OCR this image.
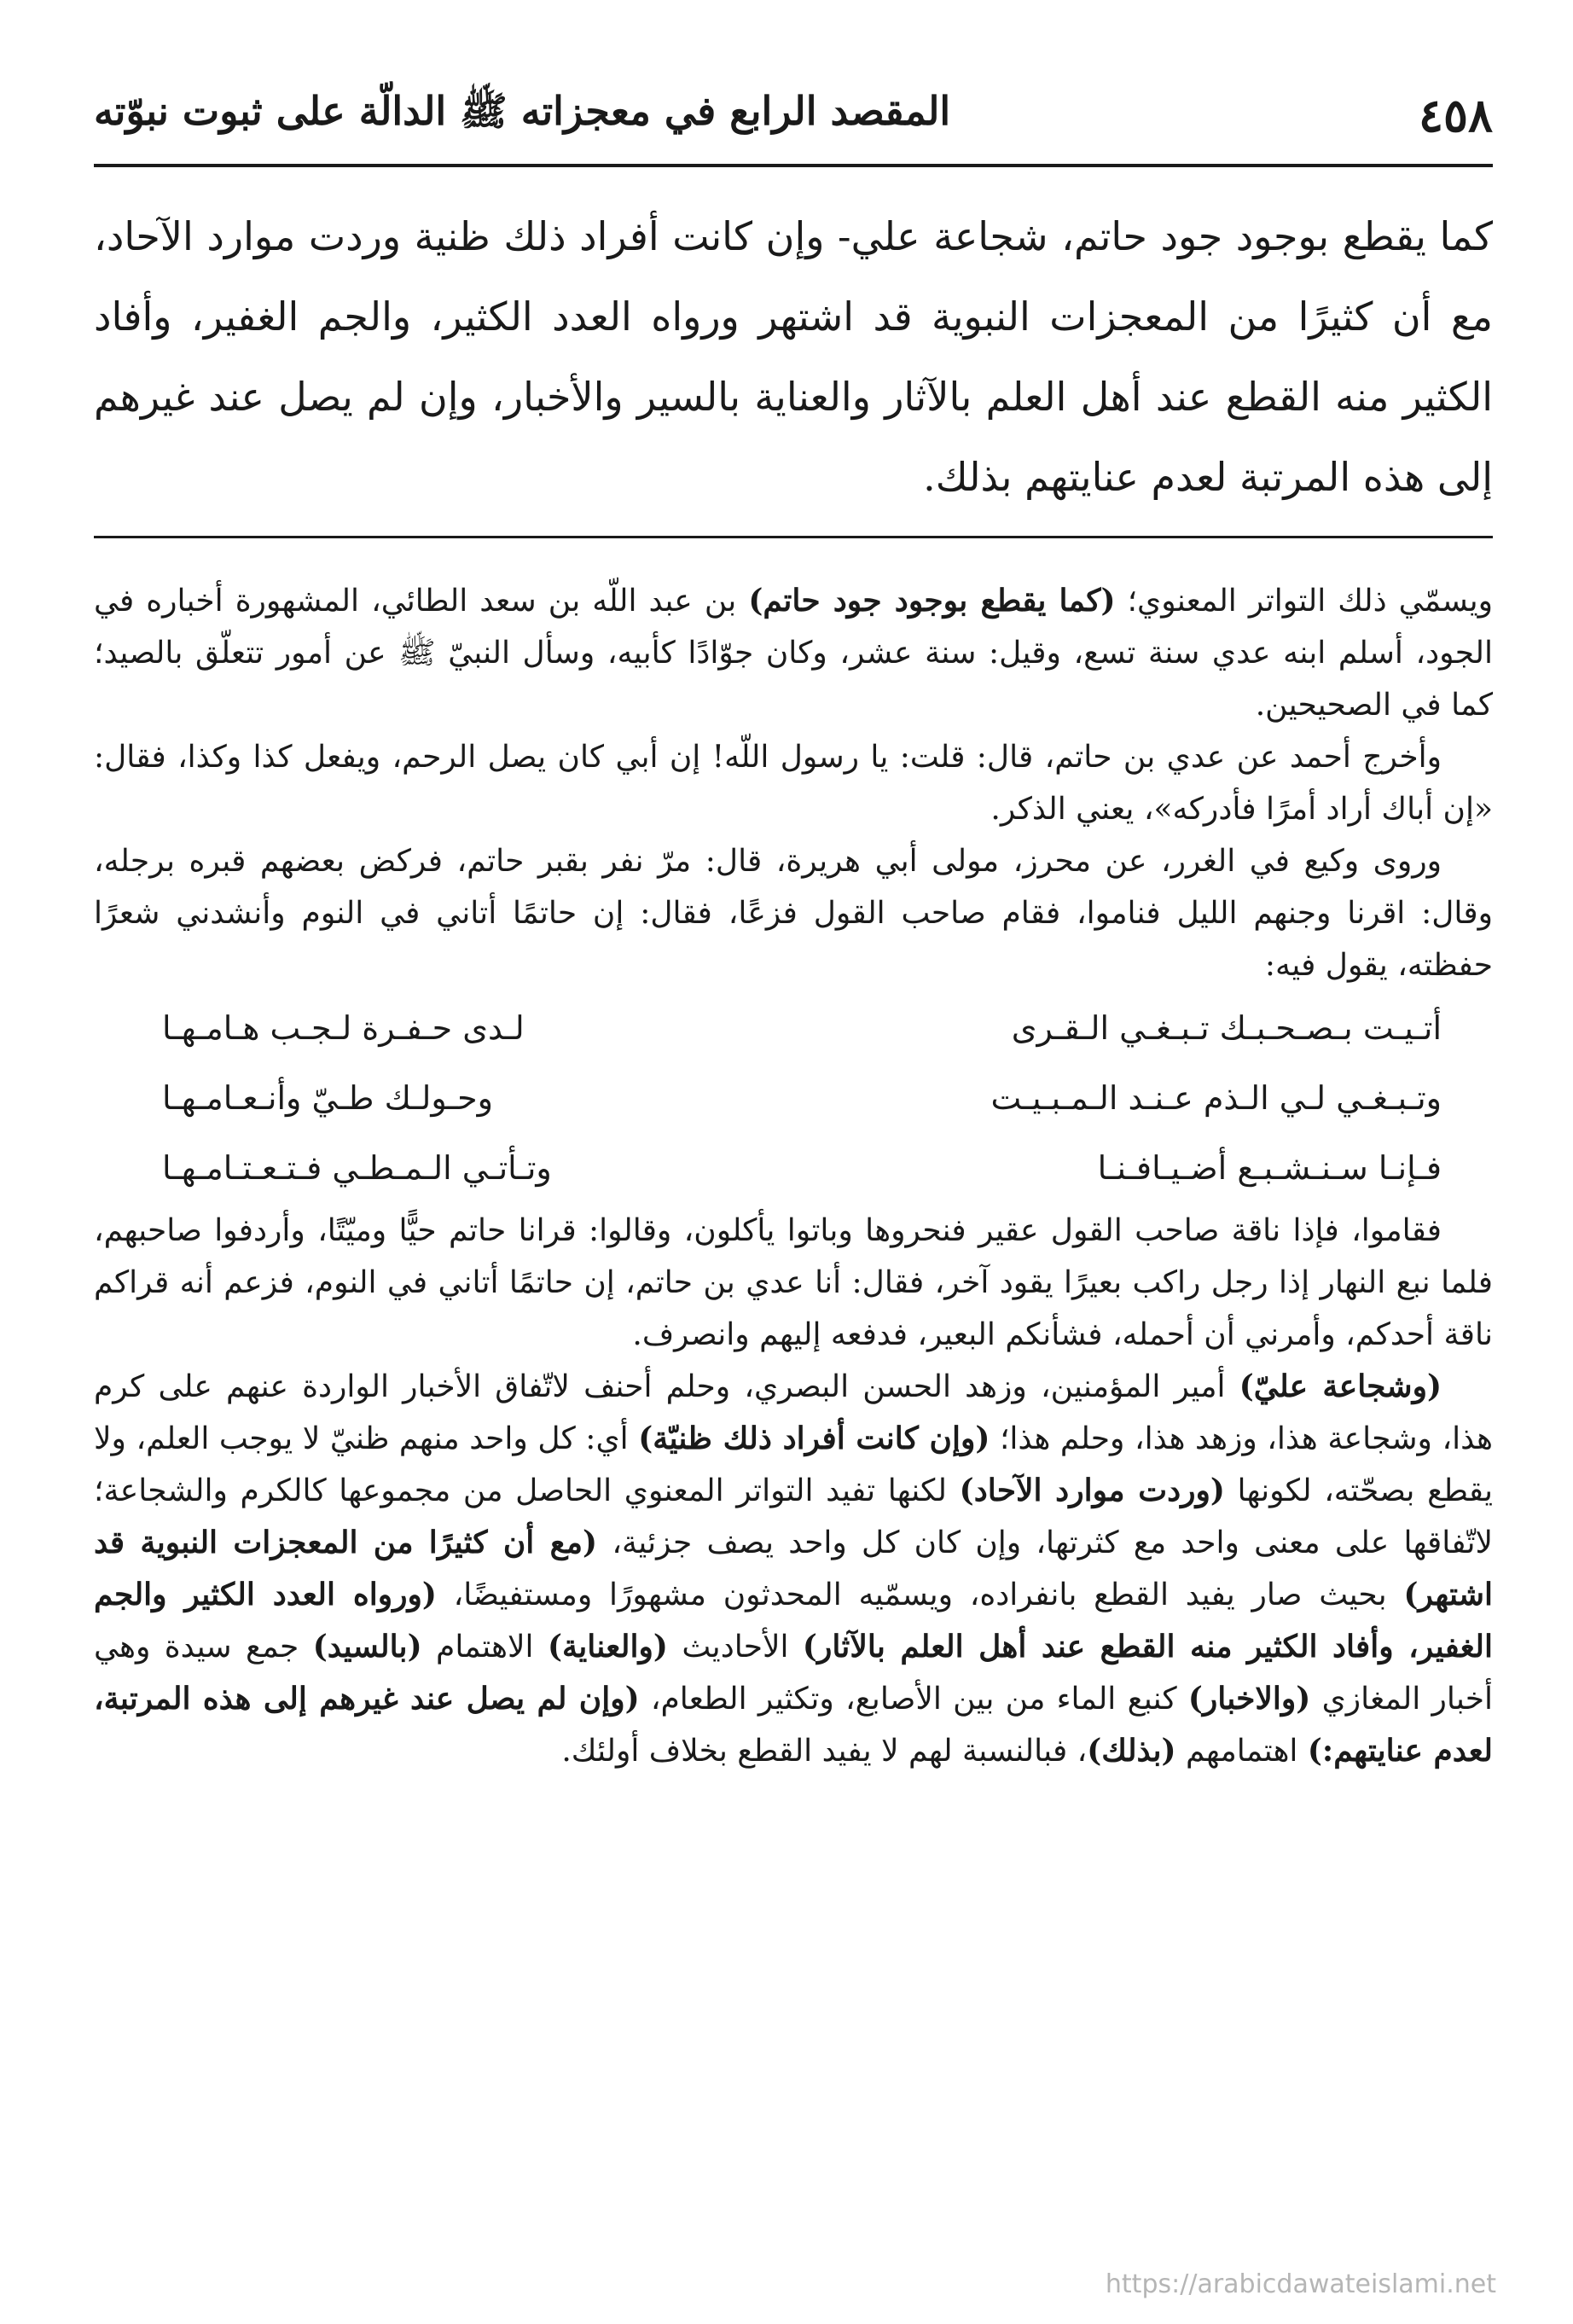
٤٥٨
المقصد الرابع في معجزاته ﷺ الدالّة على ثبوت نبوّته
كما يقطع بوجود جود حاتم، شجاعة علي- وإن كانت أفراد ذلك ظنية وردت موارد الآحاد، مع أن كثيرًا من المعجزات النبوية قد اشتهر ورواه العدد الكثير، والجم الغفير، وأفاد الكثير منه القطع عند أهل العلم بالآثار والعناية بالسير والأخبار، وإن لم يصل عند غيرهم إلى هذه المرتبة لعدم عنايتهم بذلك.

ويسمّي ذلك التواتر المعنوي؛ (كما يقطع بوجود جود حاتم) بن عبد اللّه بن سعد الطائي، المشهورة أخباره في الجود، أسلم ابنه عدي سنة تسع، وقيل: سنة عشر، وكان جوّادًا كأبيه، وسأل النبيّ ﷺ عن أمور تتعلّق بالصيد؛ كما في الصحيحين.

وأخرج أحمد عن عدي بن حاتم، قال: قلت: يا رسول اللّه! إن أبي كان يصل الرحم، ويفعل كذا وكذا، فقال: «إن أباك أراد أمرًا فأدركه»، يعني الذكر.

وروى وكيع في الغرر، عن محرز، مولى أبي هريرة، قال: مرّ نفر بقبر حاتم، فركض بعضهم قبره برجله، وقال: اقرنا وجنهم الليل فناموا، فقام صاحب القول فزعًا، فقال: إن حاتمًا أتاني في النوم وأنشدني شعرًا حفظته، يقول فيه:

أتـيـت بـصـحـبـك تـبـغـي الـقـرى
لـدى حـفـرة لـجـب هـامـهـا
وتـبـغـي لـي الـذم عـنـد الـمـبـيـت
وحـولـك طـيّ وأنـعـامـهـا
فـإنـا سـنـشـبـع أضـيـافـنـا
وتـأتـي الـمـطـي فـتـعـتـامـهـا

فقاموا، فإذا ناقة صاحب القول عقير فنحروها وباتوا يأكلون، وقالوا: قرانا حاتم حيًّا وميّتًا، وأردفوا صاحبهم، فلما نبع النهار إذا رجل راكب بعيرًا يقود آخر، فقال: أنا عدي بن حاتم، إن حاتمًا أتاني في النوم، فزعم أنه قراكم ناقة أحدكم، وأمرني أن أحمله، فشأنكم البعير، فدفعه إليهم وانصرف.

(وشجاعة عليّ) أمير المؤمنين، وزهد الحسن البصري، وحلم أحنف لاتّفاق الأخبار الواردة عنهم على كرم هذا، وشجاعة هذا، وزهد هذا، وحلم هذا؛ (وإن كانت أفراد ذلك ظنيّة) أي: كل واحد منهم ظنيّ لا يوجب العلم، ولا يقطع بصحّته، لكونها (وردت موارد الآحاد) لكنها تفيد التواتر المعنوي الحاصل من مجموعها كالكرم والشجاعة؛ لاتّفاقها على معنى واحد مع كثرتها، وإن كان كل واحد يصف جزئية، (مع أن كثيرًا من المعجزات النبوية قد اشتهر) بحيث صار يفيد القطع بانفراده، ويسمّيه المحدثون مشهورًا ومستفيضًا، (ورواه العدد الكثير والجم الغفير، وأفاد الكثير منه القطع عند أهل العلم بالآثار) الأحاديث (والعناية) الاهتمام (بالسيد) جمع سيدة وهي أخبار المغازي (والاخبار) كنبع الماء من بين الأصابع، وتكثير الطعام، (وإن لم يصل عند غيرهم إلى هذه المرتبة، لعدم عنايتهم:) اهتمامهم (بذلك)، فبالنسبة لهم لا يفيد القطع بخلاف أولئك.

https://arabicdawateislami.net
